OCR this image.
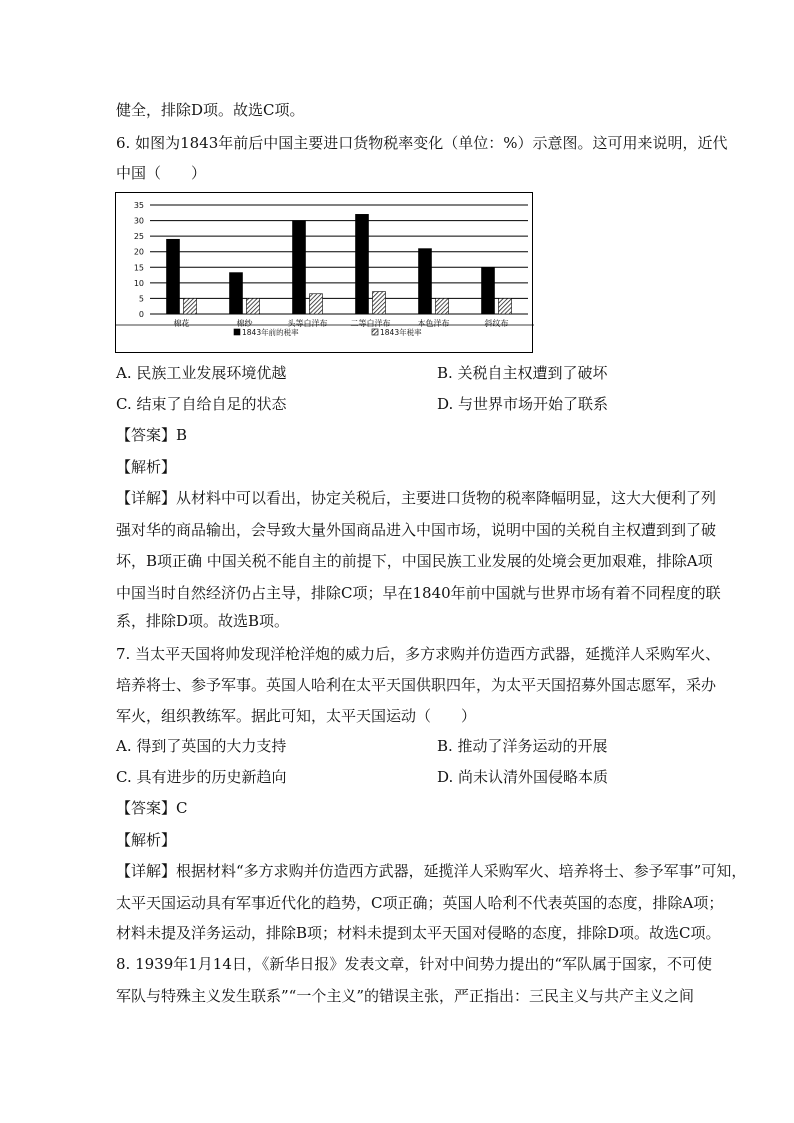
健全，排除D项。故选C项。
6. 如图为1843年前后中国主要进口货物税率变化（单位：%）示意图。这可用来说明，近代
中国（　　）
【答案】B
【解析】
【详解】从材料中可以看出，协定关税后，主要进口货物的税率降幅明显，这大大便利了列
强对华的商品输出，会导致大量外国商品进入中国市场，说明中国的关税自主权遭到到了破
坏，B项正确 中国关税不能自主的前提下，中国民族工业发展的处境会更加艰难，排除A项
中国当时自然经济仍占主导，排除C项；早在1840年前中国就与世界市场有着不同程度的联
系，排除D项。故选B项。
7. 当太平天国将帅发现洋枪洋炮的威力后，多方求购并仿造西方武器，延揽洋人采购军火、
培养将士、参予军事。英国人哈利在太平天国供职四年，为太平天国招募外国志愿军，采办
军火，组织教练军。据此可知，太平天国运动（　　）
【答案】C
【解析】
【详解】根据材料“多方求购并仿造西方武器，延揽洋人采购军火、培养将士、参予军事”可知，
太平天国运动具有军事近代化的趋势，C项正确；英国人哈利不代表英国的态度，排除A项；
材料未提及洋务运动，排除B项；材料未提到太平天国对侵略的态度，排除D项。故选C项。
8. 1939年1月14日，《新华日报》发表文章，针对中间势力提出的“军队属于国家，不可使
军队与特殊主义发生联系”“一个主义”的错误主张，严正指出：三民主义与共产主义之间
A. 民族工业发展环境优越	B. 关税自主权遭到了破坏
C. 结束了自给自足的状态	D. 与世界市场开始了联系
A. 得到了英国的大力支持	B. 推动了洋务运动的开展
C. 具有进步的历史新趋向	D. 尚未认清外国侵略本质
0
5
10
15
20
25
30
35
棉花	棉纱	头等白洋布	二等白洋布	本色洋布	斜纹布
1843年前的税率	1843年税率
